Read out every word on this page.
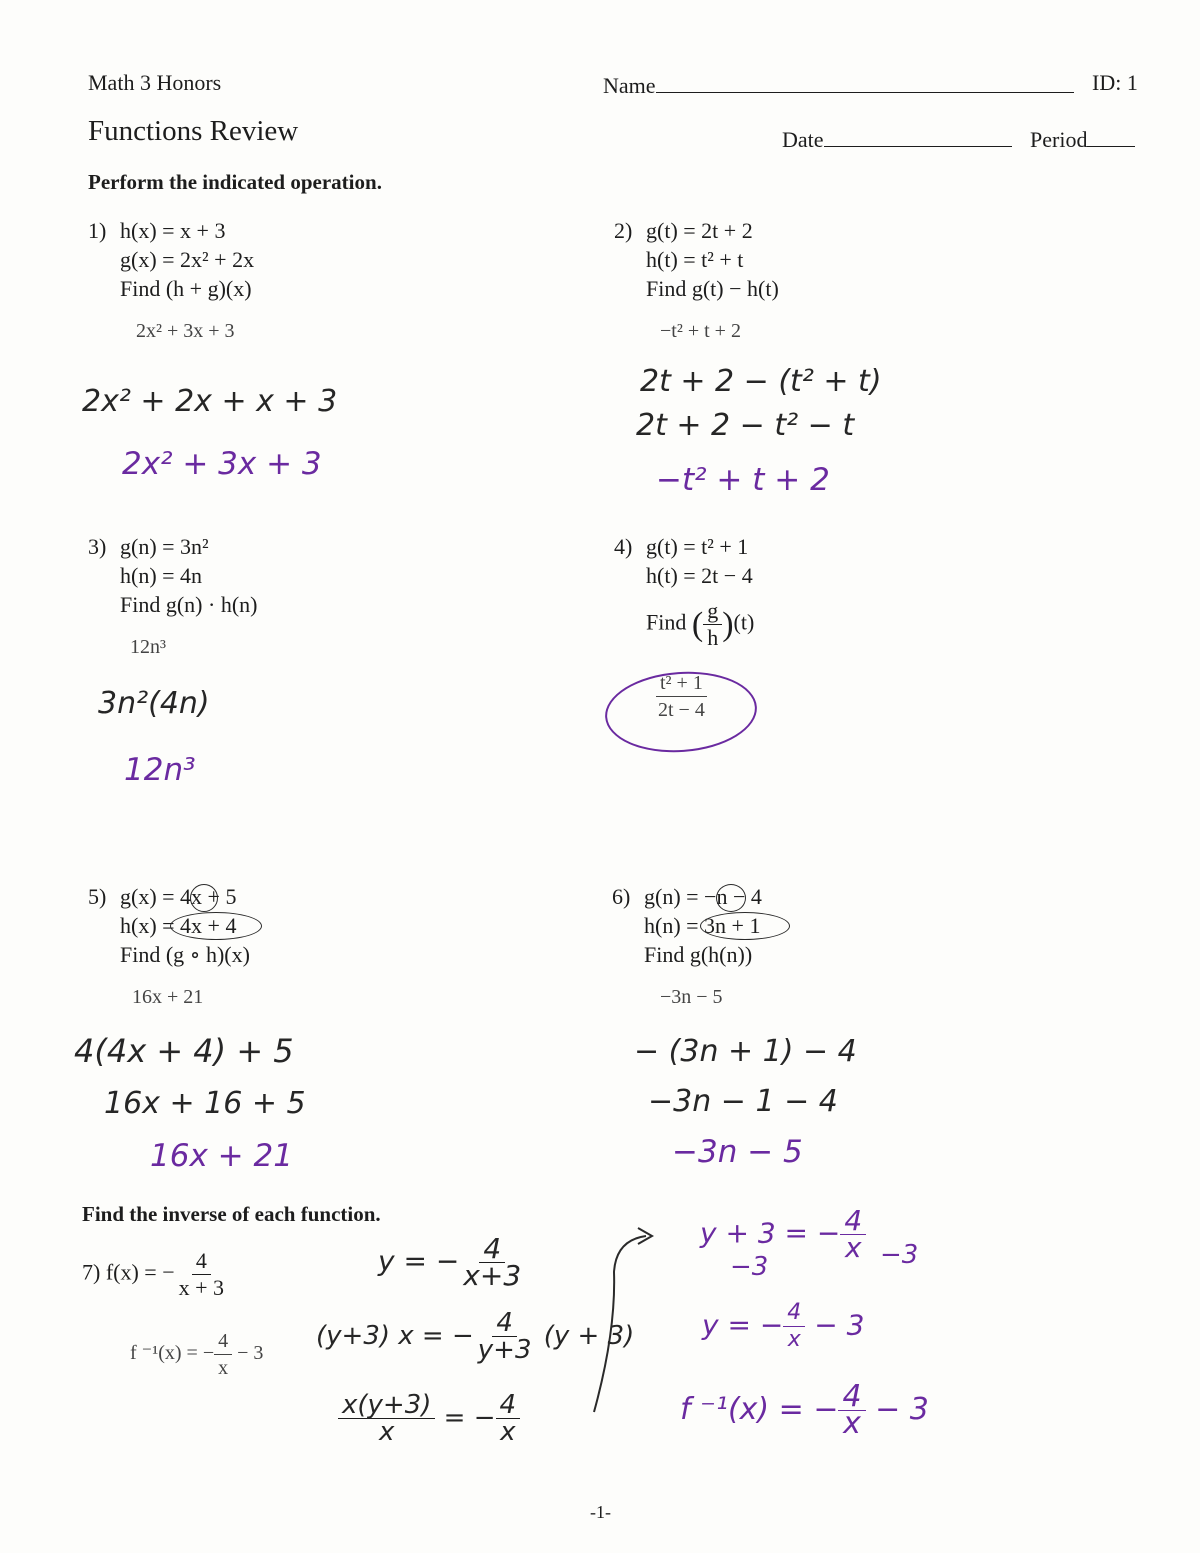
Math 3 Honors	Name	ID: 1
Functions Review	Date	Period
Perform the indicated operation.
1) h(x) = x + 3
g(x) = 2x² + 2x
Find (h + g)(x)
2x² + 3x + 3
2x² + 2x + x + 3
2x² + 3x + 3
2) g(t) = 2t + 2
h(t) = t² + t
Find g(t) − h(t)
−t² + t + 2
2t + 2 − (t² + t)
2t + 2 − t² − t
−t² + t + 2
3) g(n) = 3n²
h(n) = 4n
Find g(n) · h(n)
12n³
3n²(4n)
12n³
4) g(t) = t² + 1
h(t) = 2t − 4
Find ( $\frac{g}{h} )(t)$
$\frac{\text{t² + 1}}{2t - 4}$
5) g(x) = 4x + 5
h(x) = 4x + 4
Find (g ∘ h)(x)
16x + 21
4(4x + 4) + 5
16x + 16 + 5
16x + 21
6) g(n) = −n − 4
h(n) = 3n + 1
Find g(h(n))
−3n − 5
− (3n + 1) − 4
−3n − 1 − 4
−3n − 5
Find the inverse of each function.
7) f(x) = − $\frac{4}{x + 3}$
f ⁻¹(x) = − $\frac{4}{x} - 3$
y = − $\frac{4}{x+3}$
(y+3) x = − $\frac{4}{y+3} (y + 3)$
$\frac{x(y+3)}{x}$ = − $\frac{4}{x}$
y + 3 = − $\frac{4}{x}$
−3	−3
y = − $\frac{4}{x} - 3$
f ⁻¹(x) = − $\frac{4}{x} - 3$
-1-
